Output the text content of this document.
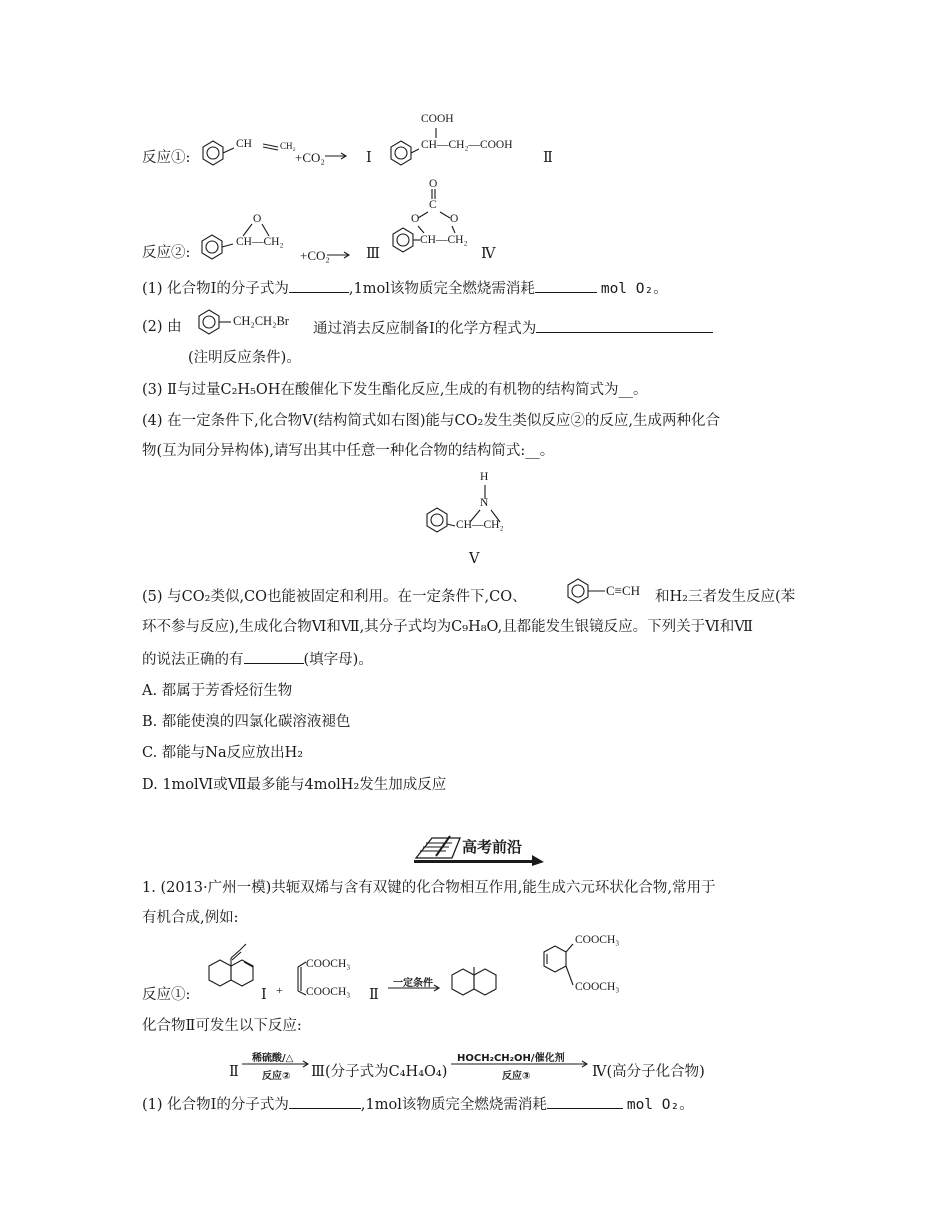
反应①:
CH	CH₂
+CO₂	Ⅰ
COOH
CH—CH₂—COOH
Ⅱ
反应②:
O
CH—CH₂
+CO₂ Ⅲ
O
C
O	O
CH—CH₂
Ⅳ
(1) 化合物Ⅰ的分子式为	,1mol该物质完全燃烧需消耗	mol O₂。
(2) 由	CH₂CH₂Br 通过消去反应制备Ⅰ的化学方程式为
(注明反应条件)。
(3) Ⅱ与过量C₂H₅OH在酸催化下发生酯化反应,生成的有机物的结构简式为__。
(4) 在一定条件下,化合物Ⅴ(结构简式如右图)能与CO₂发生类似反应②的反应,生成两种化合
物(互为同分异构体),请写出其中任意一种化合物的结构简式:__。
H
N
CH—CH₂
Ⅴ
(5) 与CO₂类似,CO也能被固定和利用。在一定条件下,CO、	C≡CH 和H₂三者发生反应(苯
环不参与反应),生成化合物Ⅵ和Ⅶ,其分子式均为C₉H₈O,且都能发生银镜反应。下列关于Ⅵ和Ⅶ
的说法正确的有	(填字母)。
A. 都属于芳香烃衍生物
B. 都能使溴的四氯化碳溶液褪色
C. 都能与Na反应放出H₂
D. 1molⅥ或Ⅶ最多能与4molH₂发生加成反应
高考前沿
1. (2013·广州一模)共轭双烯与含有双键的化合物相互作用,能生成六元环状化合物,常用于
有机合成,例如:
反应①:	Ⅰ +
COOCH₃
COOCH₃ Ⅱ
一定条件
COOCH₃
COOCH₃
化合物Ⅱ可发生以下反应:
Ⅱ
稀硫酸/△
反应② Ⅲ(分子式为C₄H₄O₄)
HOCH₂CH₂OH/催化剂
反应③	Ⅳ(高分子化合物)
(1) 化合物Ⅰ的分子式为	,1mol该物质完全燃烧需消耗	mol O₂。
